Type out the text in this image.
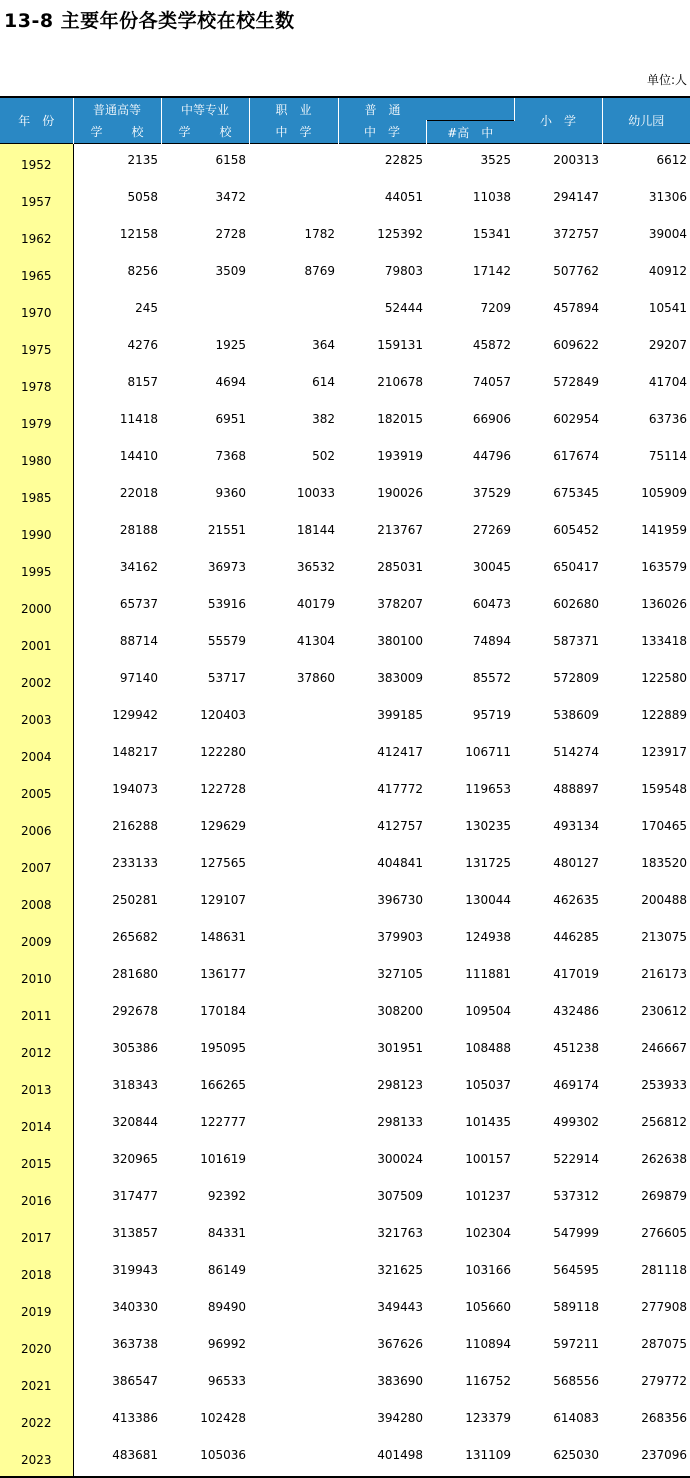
13-8 主要年份各类学校在校生数
单位:人
年　份	普通高等	中等专业	职　业	普　通		小　学	幼儿园

	学 校	学 校	中　学	中　学	#高　中		
1952	2135	6158		22825	3525	200313	6612
1957	5058	3472		44051	11038	294147	31306
1962	12158	2728	1782	125392	15341	372757	39004
1965	8256	3509	8769	79803	17142	507762	40912
1970	245			52444	7209	457894	10541
1975	4276	1925	364	159131	45872	609622	29207
1978	8157	4694	614	210678	74057	572849	41704
1979	11418	6951	382	182015	66906	602954	63736
1980	14410	7368	502	193919	44796	617674	75114
1985	22018	9360	10033	190026	37529	675345	105909
1990	28188	21551	18144	213767	27269	605452	141959
1995	34162	36973	36532	285031	30045	650417	163579
2000	65737	53916	40179	378207	60473	602680	136026
2001	88714	55579	41304	380100	74894	587371	133418
2002	97140	53717	37860	383009	85572	572809	122580
2003	129942	120403		399185	95719	538609	122889
2004	148217	122280		412417	106711	514274	123917
2005	194073	122728		417772	119653	488897	159548
2006	216288	129629		412757	130235	493134	170465
2007	233133	127565		404841	131725	480127	183520
2008	250281	129107		396730	130044	462635	200488
2009	265682	148631		379903	124938	446285	213075
2010	281680	136177		327105	111881	417019	216173
2011	292678	170184		308200	109504	432486	230612
2012	305386	195095		301951	108488	451238	246667
2013	318343	166265		298123	105037	469174	253933
2014	320844	122777		298133	101435	499302	256812
2015	320965	101619		300024	100157	522914	262638
2016	317477	92392		307509	101237	537312	269879
2017	313857	84331		321763	102304	547999	276605
2018	319943	86149		321625	103166	564595	281118
2019	340330	89490		349443	105660	589118	277908
2020	363738	96992		367626	110894	597211	287075
2021	386547	96533		383690	116752	568556	279772
2022	413386	102428		394280	123379	614083	268356
2023	483681	105036		401498	131109	625030	237096
